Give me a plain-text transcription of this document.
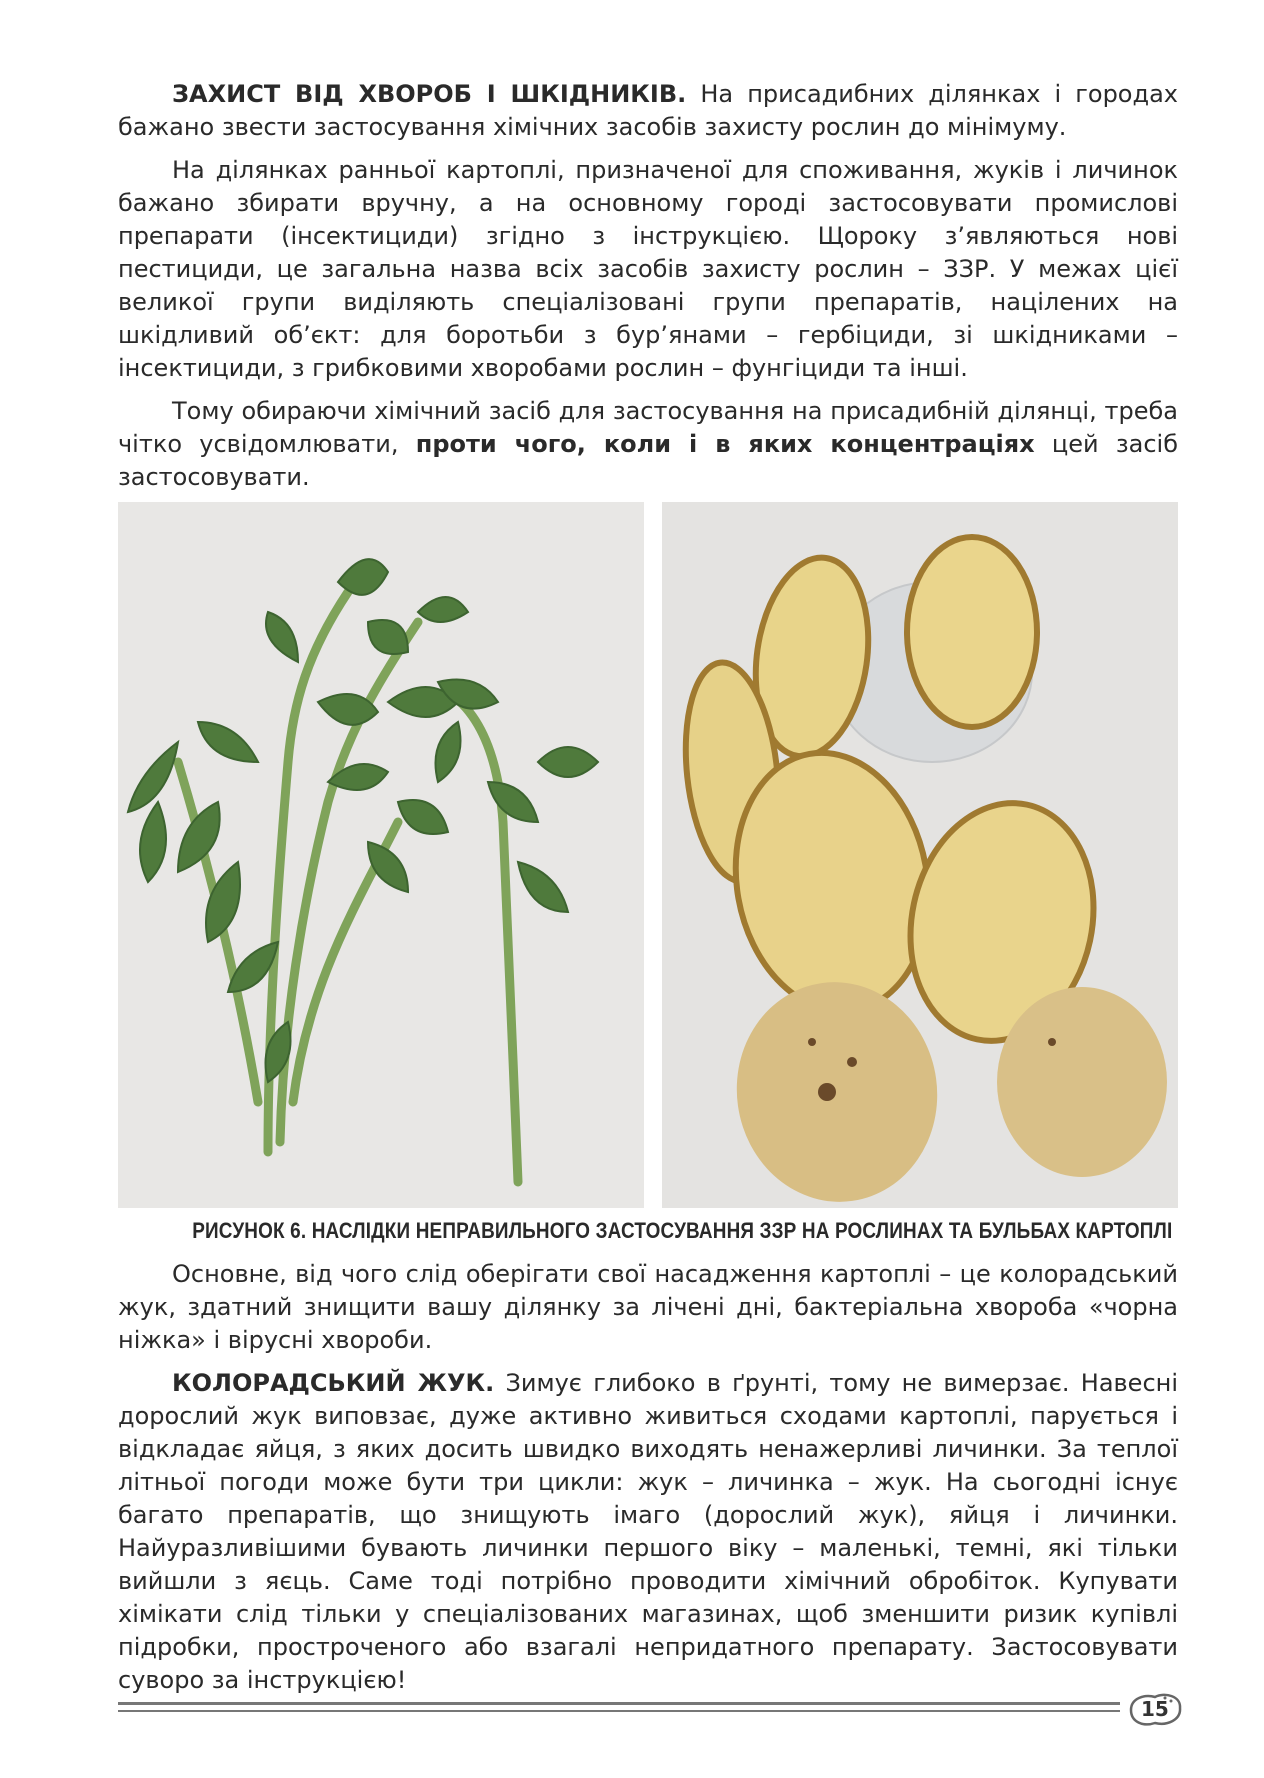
ЗАХИСТ ВІД ХВОРОБ І ШКІДНИКІВ. На присадибних ділянках і городах бажано звести застосування хімічних засобів захисту рослин до мінімуму.

На ділянках ранньої картоплі, призначеної для споживання, жуків і личинок бажано збирати вручну, а на основному городі застосовувати промислові препарати (інсектициди) згідно з інструкцією. Щороку з’являються нові пестициди, це загальна назва всіх засобів захисту рослин – ЗЗР. У межах цієї великої групи виділяють спеціалізовані групи препаратів, націлених на шкідливий об’єкт: для боротьби з бур’янами – гербіциди, зі шкідниками – інсектициди, з грибковими хворобами рослин – фунгіциди та інші.

Тому обираючи хімічний засіб для застосування на присадибній ділянці, треба чітко усвідомлювати, проти чого, коли і в яких концентраціях цей засіб застосовувати.

РИСУНОК 6. НАСЛІДКИ НЕПРАВИЛЬНОГО ЗАСТОСУВАННЯ ЗЗР НА РОСЛИНАХ ТА БУЛЬБАХ КАРТОПЛІ

Основне, від чого слід оберігати свої насадження картоплі – це колорадський жук, здатний знищити вашу ділянку за лічені дні, бактеріальна хвороба «чорна ніжка» і вірусні хвороби.

КОЛОРАДСЬКИЙ ЖУК. Зимує глибоко в ґрунті, тому не вимерзає. Навесні дорослий жук виповзає, дуже активно живиться сходами картоплі, парується і відкладає яйця, з яких досить швидко виходять ненажерливі личинки. За теплої літньої погоди може бути три цикли: жук – личинка – жук. На сьогодні існує багато препаратів, що знищують імаго (дорослий жук), яйця і личинки. Найуразливішими бувають личинки першого віку – маленькі, темні, які тільки вийшли з яєць. Саме тоді потрібно проводити хімічний обробіток. Купувати хімікати слід тільки у спеціалізованих магазинах, щоб зменшити ризик купівлі підробки, простроченого або взагалі непридатного препарату. Застосовувати суворо за інструкцією!

15
